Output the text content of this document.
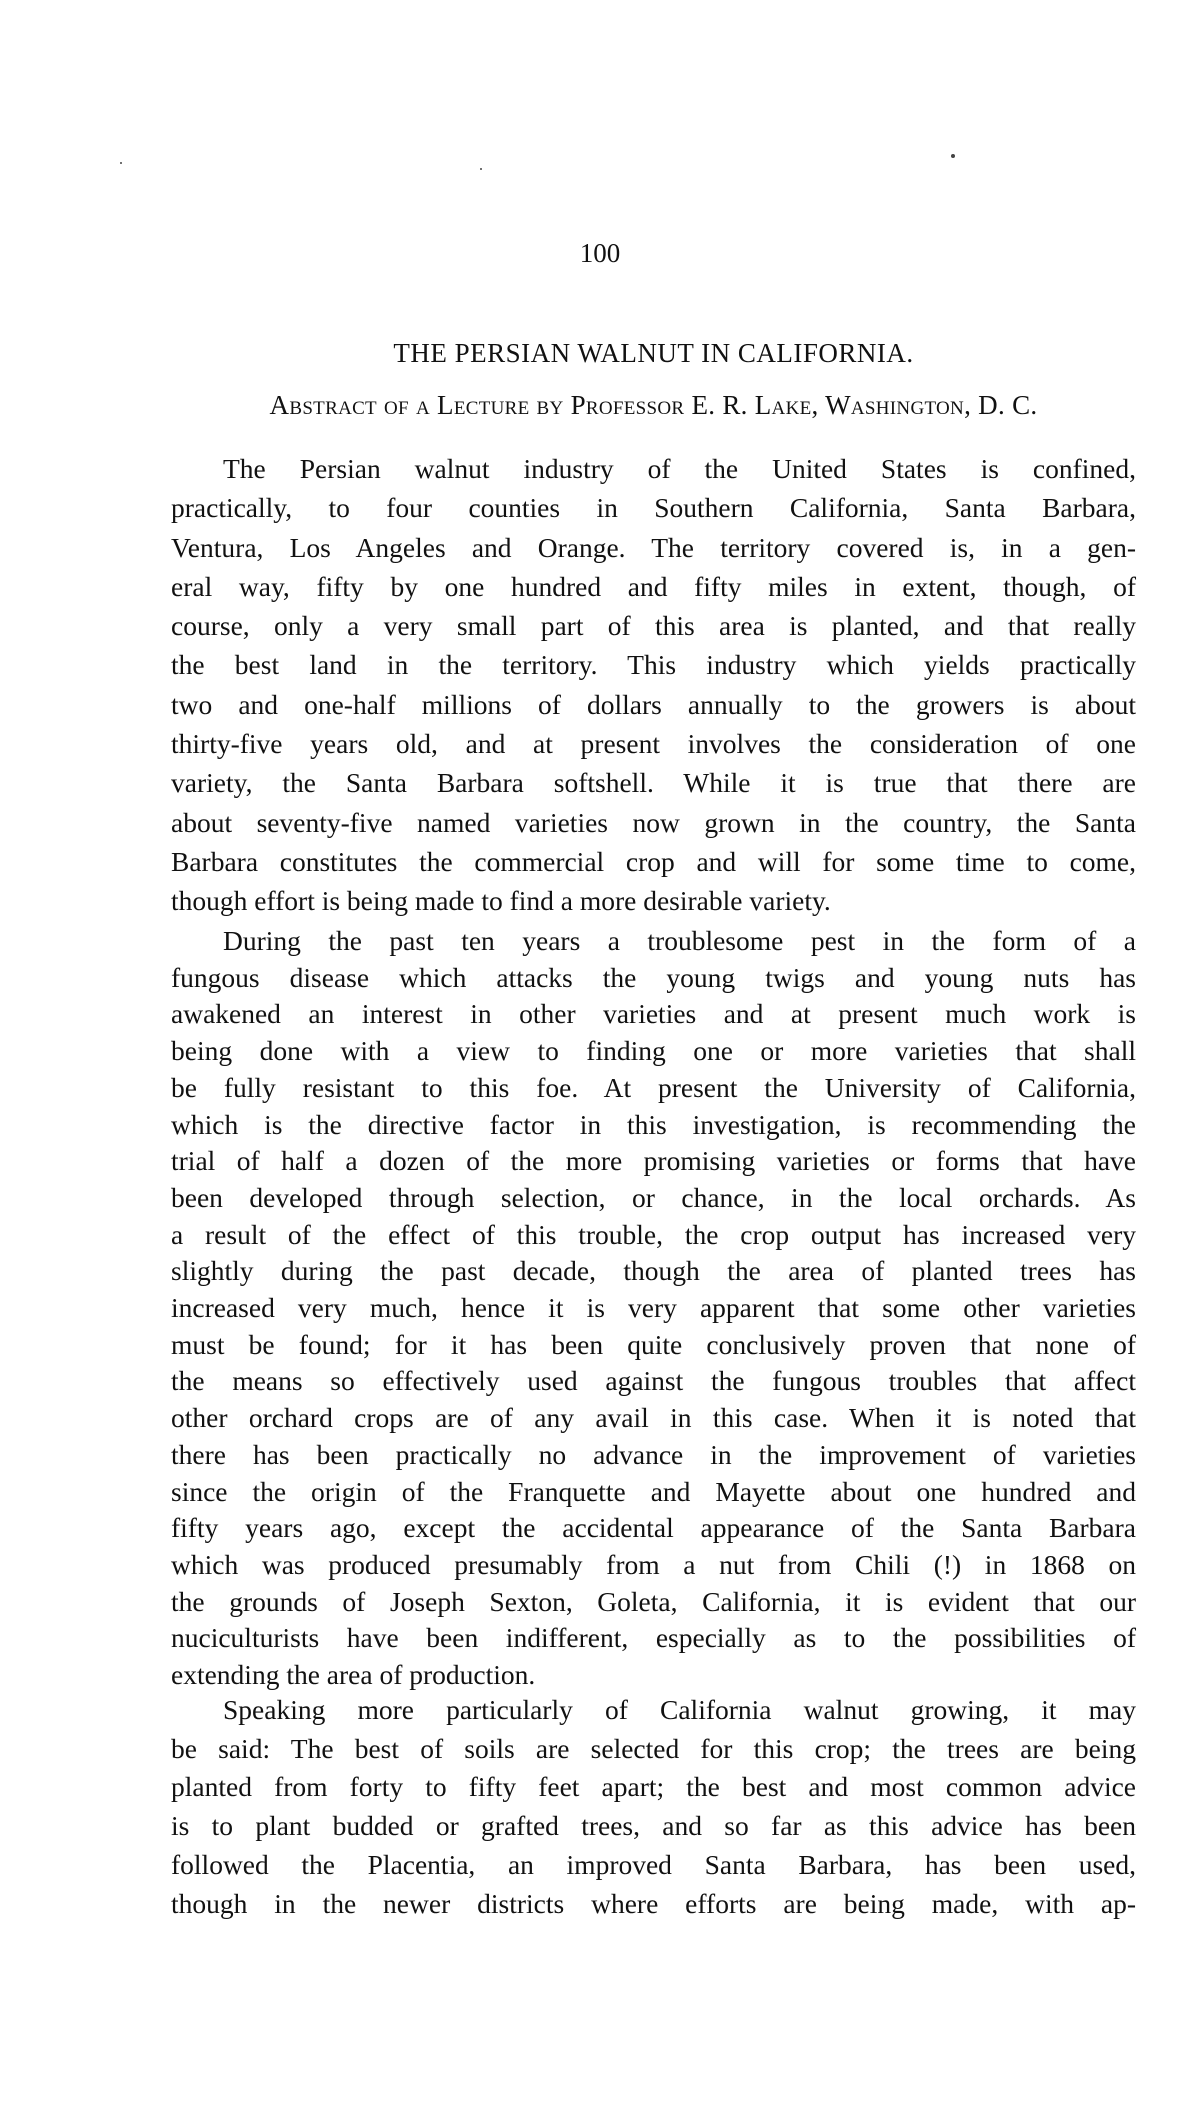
100
THE PERSIAN WALNUT IN CALIFORNIA.
Abstract of a Lecture by Professor E. R. Lake, Washington, D. C.
The Persian walnut industry of the United States is confined,
practically, to four counties in Southern California, Santa Barbara,
Ventura, Los Angeles and Orange. The territory covered is, in a gen-
eral way, fifty by one hundred and fifty miles in extent, though, of
course, only a very small part of this area is planted, and that really
the best land in the territory. This industry which yields practically
two and one-half millions of dollars annually to the growers is about
thirty-five years old, and at present involves the consideration of one
variety, the Santa Barbara softshell. While it is true that there are
about seventy-five named varieties now grown in the country, the Santa
Barbara constitutes the commercial crop and will for some time to come,
though effort is being made to find a more desirable variety.
During the past ten years a troublesome pest in the form of a
fungous disease which attacks the young twigs and young nuts has
awakened an interest in other varieties and at present much work is
being done with a view to finding one or more varieties that shall
be fully resistant to this foe. At present the University of California,
which is the directive factor in this investigation, is recommending the
trial of half a dozen of the more promising varieties or forms that have
been developed through selection, or chance, in the local orchards. As
a result of the effect of this trouble, the crop output has increased very
slightly during the past decade, though the area of planted trees has
increased very much, hence it is very apparent that some other varieties
must be found; for it has been quite conclusively proven that none of
the means so effectively used against the fungous troubles that affect
other orchard crops are of any avail in this case. When it is noted that
there has been practically no advance in the improvement of varieties
since the origin of the Franquette and Mayette about one hundred and
fifty years ago, except the accidental appearance of the Santa Barbara
which was produced presumably from a nut from Chili (!) in 1868 on
the grounds of Joseph Sexton, Goleta, California, it is evident that our
nuciculturists have been indifferent, especially as to the possibilities of
extending the area of production.
Speaking more particularly of California walnut growing, it may
be said: The best of soils are selected for this crop; the trees are being
planted from forty to fifty feet apart; the best and most common advice
is to plant budded or grafted trees, and so far as this advice has been
followed the Placentia, an improved Santa Barbara, has been used,
though in the newer districts where efforts are being made, with ap-
